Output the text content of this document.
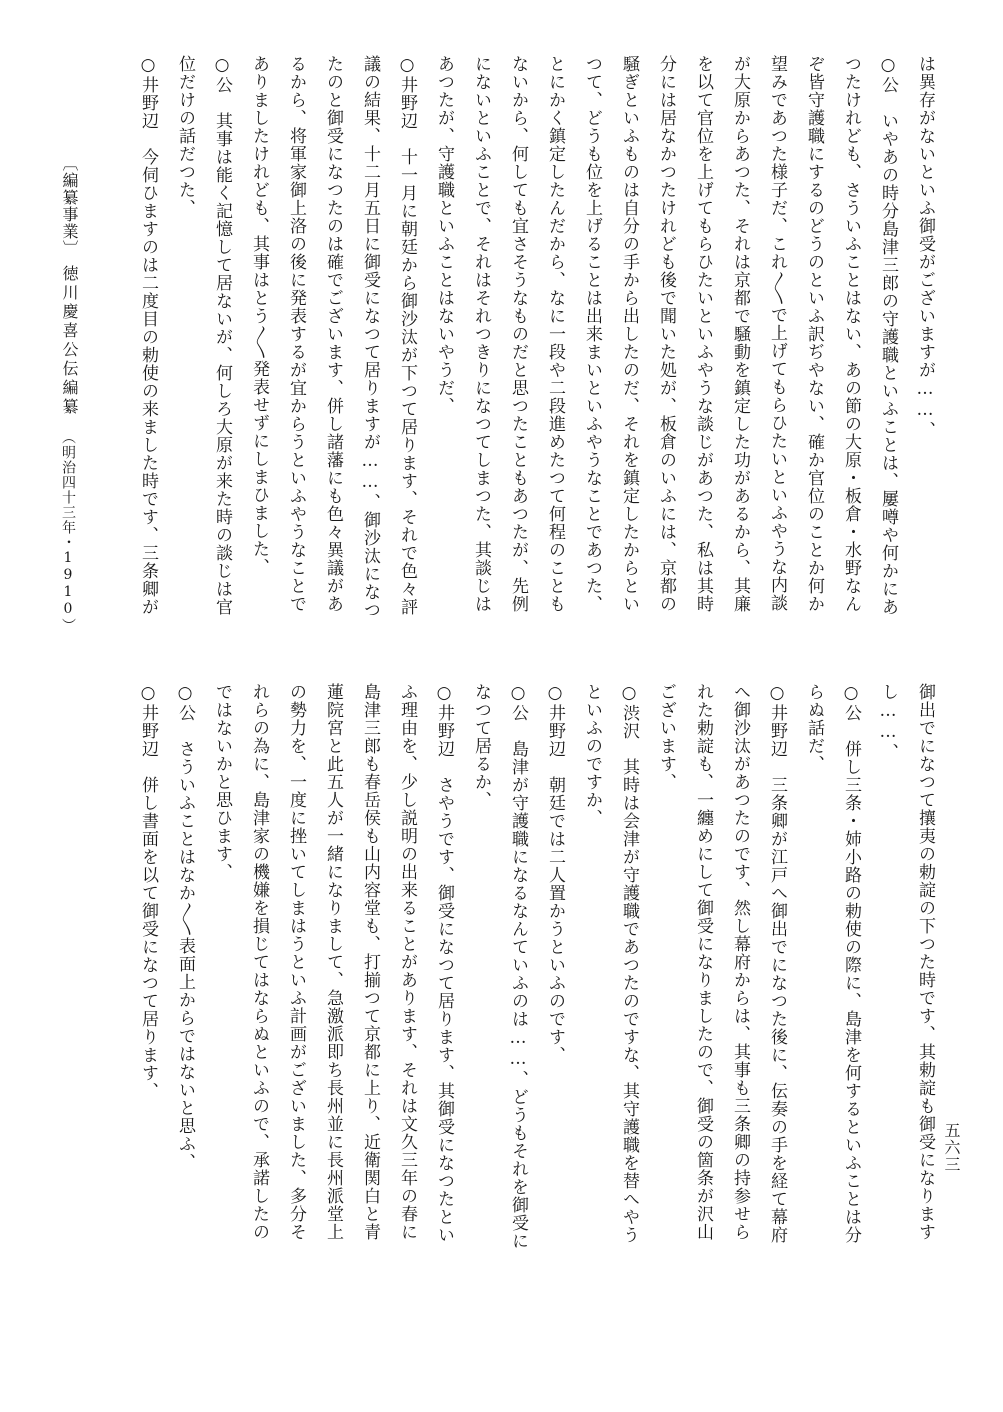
〔編纂事業〕
徳川慶喜公伝編纂
（明治四十三年・1910）
五六三
は異存がないといふ御受がございますが……、
○公　いやあの時分島津三郎の守護職といふことは、屢噂や何かにあ
つたけれども、さういふことはない、あの節の大原・板倉・水野なん
ぞ皆守護職にするのどうのといふ訳ぢやない、確か官位のことか何か
望みであつた様子だ、これ〳〵で上げてもらひたいといふやうな内談
が大原からあつた、それは京都で騒動を鎮定した功があるから、其廉
を以て官位を上げてもらひたいといふやうな談じがあつた、私は其時
分には居なかつたけれども後で聞いた処が、板倉のいふには、京都の
騒ぎといふものは自分の手から出したのだ、それを鎮定したからとい
つて、どうも位を上げることは出来まいといふやうなことであつた、
とにかく鎮定したんだから、なに一段や二段進めたつて何程のことも
ないから、何しても宜さそうなものだと思つたこともあつたが、先例
にないといふことで、それはそれつきりになつてしまつた、其談じは
あつたが、守護職といふことはないやうだ、
○井野辺　十一月に朝廷から御沙汰が下つて居ります、それで色々評
議の結果、十二月五日に御受になつて居りますが……、御沙汰になつ
たのと御受になつたのは確でございます、併し諸藩にも色々異議があ
るから、将軍家御上洛の後に発表するが宜からうといふやうなことで
ありましたけれども、其事はとう〳〵発表せずにしまひました、
○公　其事は能く記憶して居ないが、何しろ大原が来た時の談じは官
位だけの話だつた、
○井野辺　今伺ひますのは二度目の勅使の来ました時です、三条卿が
御出でになつて攘夷の勅諚の下つた時です、其勅諚も御受になります
し……、
○公　併し三条・姉小路の勅使の際に、島津を何するといふことは分
らぬ話だ、
○井野辺　三条卿が江戸へ御出でになつた後に、伝奏の手を経て幕府
へ御沙汰があつたのです、然し幕府からは、其事も三条卿の持参せら
れた勅諚も、一纏めにして御受になりましたので、御受の箇条が沢山
ございます、
○渋沢　其時は会津が守護職であつたのですな、其守護職を替へやう
といふのですか、
○井野辺　朝廷では二人置かうといふのです、
○公　島津が守護職になるなんていふのは……、どうもそれを御受に
なつて居るか、
○井野辺　さやうです、御受になつて居ります、其御受になつたとい
ふ理由を、少し説明の出来ることがあります、それは文久三年の春に
島津三郎も春岳侯も山内容堂も、打揃つて京都に上り、近衛関白と青
蓮院宮と此五人が一緒になりまして、急激派即ち長州並に長州派堂上
の勢力を、一度に挫いてしまはうといふ計画がございました、多分そ
れらの為に、島津家の機嫌を損じてはならぬといふので、承諾したの
ではないかと思ひます、
○公　さういふことはなか〳〵表面上からではないと思ふ、
○井野辺　併し書面を以て御受になつて居ります、
